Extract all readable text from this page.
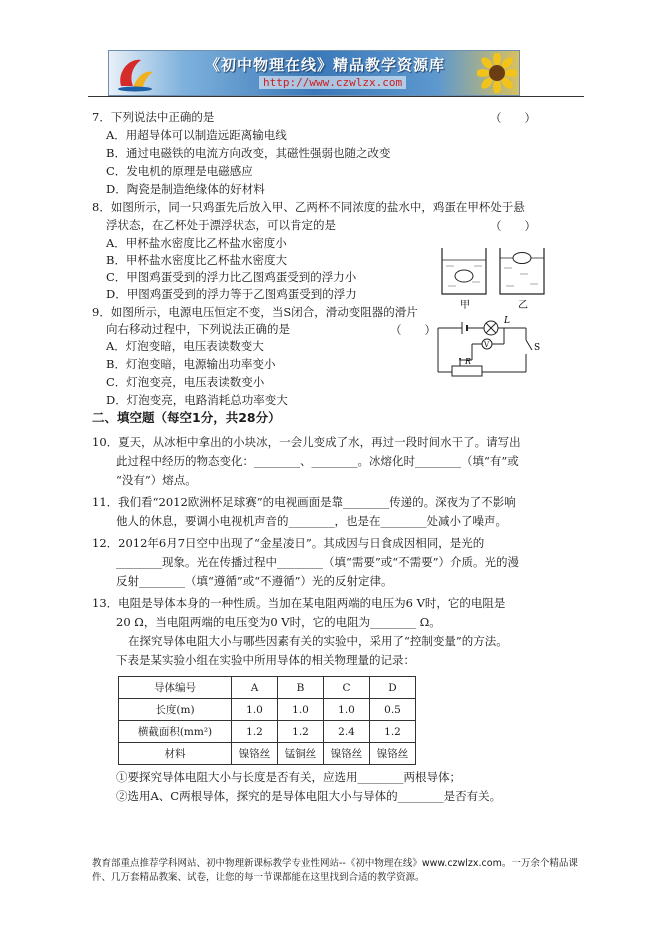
《初中物理在线》精品教学资源库
http://www.czwlzx.com
7．下列说法中正确的是	（　　）
A．用超导体可以制造远距离输电线
B．通过电磁铁的电流方向改变，其磁性强弱也随之改变
C．发电机的原理是电磁感应
D．陶瓷是制造绝缘体的好材料
8．如图所示，同一只鸡蛋先后放入甲、乙两杯不同浓度的盐水中，鸡蛋在甲杯处于悬
浮状态，在乙杯处于漂浮状态，可以肯定的是	（　　）
A．甲杯盐水密度比乙杯盐水密度小
B．甲杯盐水密度比乙杯盐水密度大
C．甲图鸡蛋受到的浮力比乙图鸡蛋受到的浮力小
D．甲图鸡蛋受到的浮力等于乙图鸡蛋受到的浮力
甲	乙
9．如图所示，电源电压恒定不变，当S闭合，滑动变阻器的滑片
向右移动过程中，下列说法正确的是	（　　）
A．灯泡变暗，电压表读数变大
B．灯泡变暗，电源输出功率变小
C．灯泡变亮，电压表读数变小
D．灯泡变亮，电路消耗总功率变大
V
L
S
R
二、填空题（每空1分，共28分）
10．夏天，从冰柜中拿出的小块冰，一会儿变成了水，再过一段时间水干了。请写出
此过程中经历的物态变化：________、________。冰熔化时________（填“有”或
“没有”）熔点。
11．我们看“2012欧洲杯足球赛”的电视画面是靠________传递的。深夜为了不影响
他人的休息，要调小电视机声音的________，也是在________处减小了噪声。
12．2012年6月7日空中出现了“金星凌日”。其成因与日食成因相同，是光的
________现象。光在传播过程中________（填“需要”或“不需要”）介质。光的漫
反射________（填“遵循”或“不遵循”）光的反射定律。
13．电阻是导体本身的一种性质。当加在某电阻两端的电压为6 V时，它的电阻是
20 Ω，当电阻两端的电压变为0 V时，它的电阻为________ Ω。
在探究导体电阻大小与哪些因素有关的实验中，采用了“控制变量”的方法。
下表是某实验小组在实验中所用导体的相关物理量的记录：
导体编号	A	B	C	D
长度(m)	1.0	1.0	1.0	0.5
横截面积(mm²)	1.2	1.2	2.4	1.2
材料	镍铬丝	锰铜丝	镍铬丝	镍铬丝
①要探究导体电阻大小与长度是否有关，应选用________两根导体；
②选用A、C两根导体，探究的是导体电阻大小与导体的________是否有关。
教育部重点推荐学科网站、初中物理新课标教学专业性网站--《初中物理在线》www.czwlzx.com。一万余个精品课
件、几万套精品教案、试卷，让您的每一节课都能在这里找到合适的教学资源。
